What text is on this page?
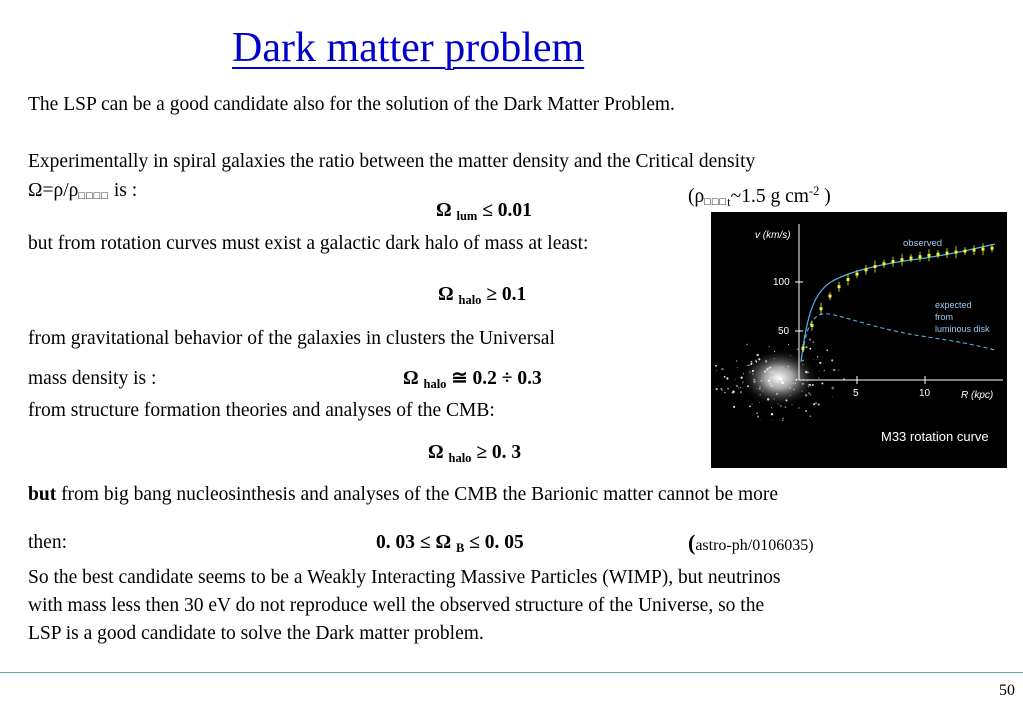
Dark matter problem
The LSP can be a good candidate also for the solution of the Dark Matter Problem.
Experimentally in spiral galaxies the ratio between the matter density and the Critical density
Ω=ρ/ρ□□□□ is :	($\rho□□□_t\sim 1.5$ g $cm^{-2}$ )
Ω $_{lum}$ ≤ 0.01
but from rotation curves must exist a galactic dark halo of mass at least:
Ω $_{halo}$ ≥ 0.1
from gravitational behavior of the galaxies in clusters the Universal
mass density is :	Ω $_{halo}$ ≅ 0.2 ÷ 0.3
from structure formation theories and analyses of the CMB:
Ω $_{halo}$ ≥ 0. 3
but from big bang nucleosinthesis and analyses of the CMB the Barionic matter cannot be more
then:	0. 03 ≤ Ω $_B$ ≤ 0. 05	(astro-ph/0106035)
So the best candidate seems to be a Weakly Interacting Massive Particles (WIMP), but neutrinos
with mass less then 30 eV do not reproduce well the observed structure of the Universe, so the
LSP is a good candidate to solve the Dark matter problem.
v (km/s)
100
50
5	10	R (kpc)
observed
expected
from
luminous disk
M33 rotation curve
50
